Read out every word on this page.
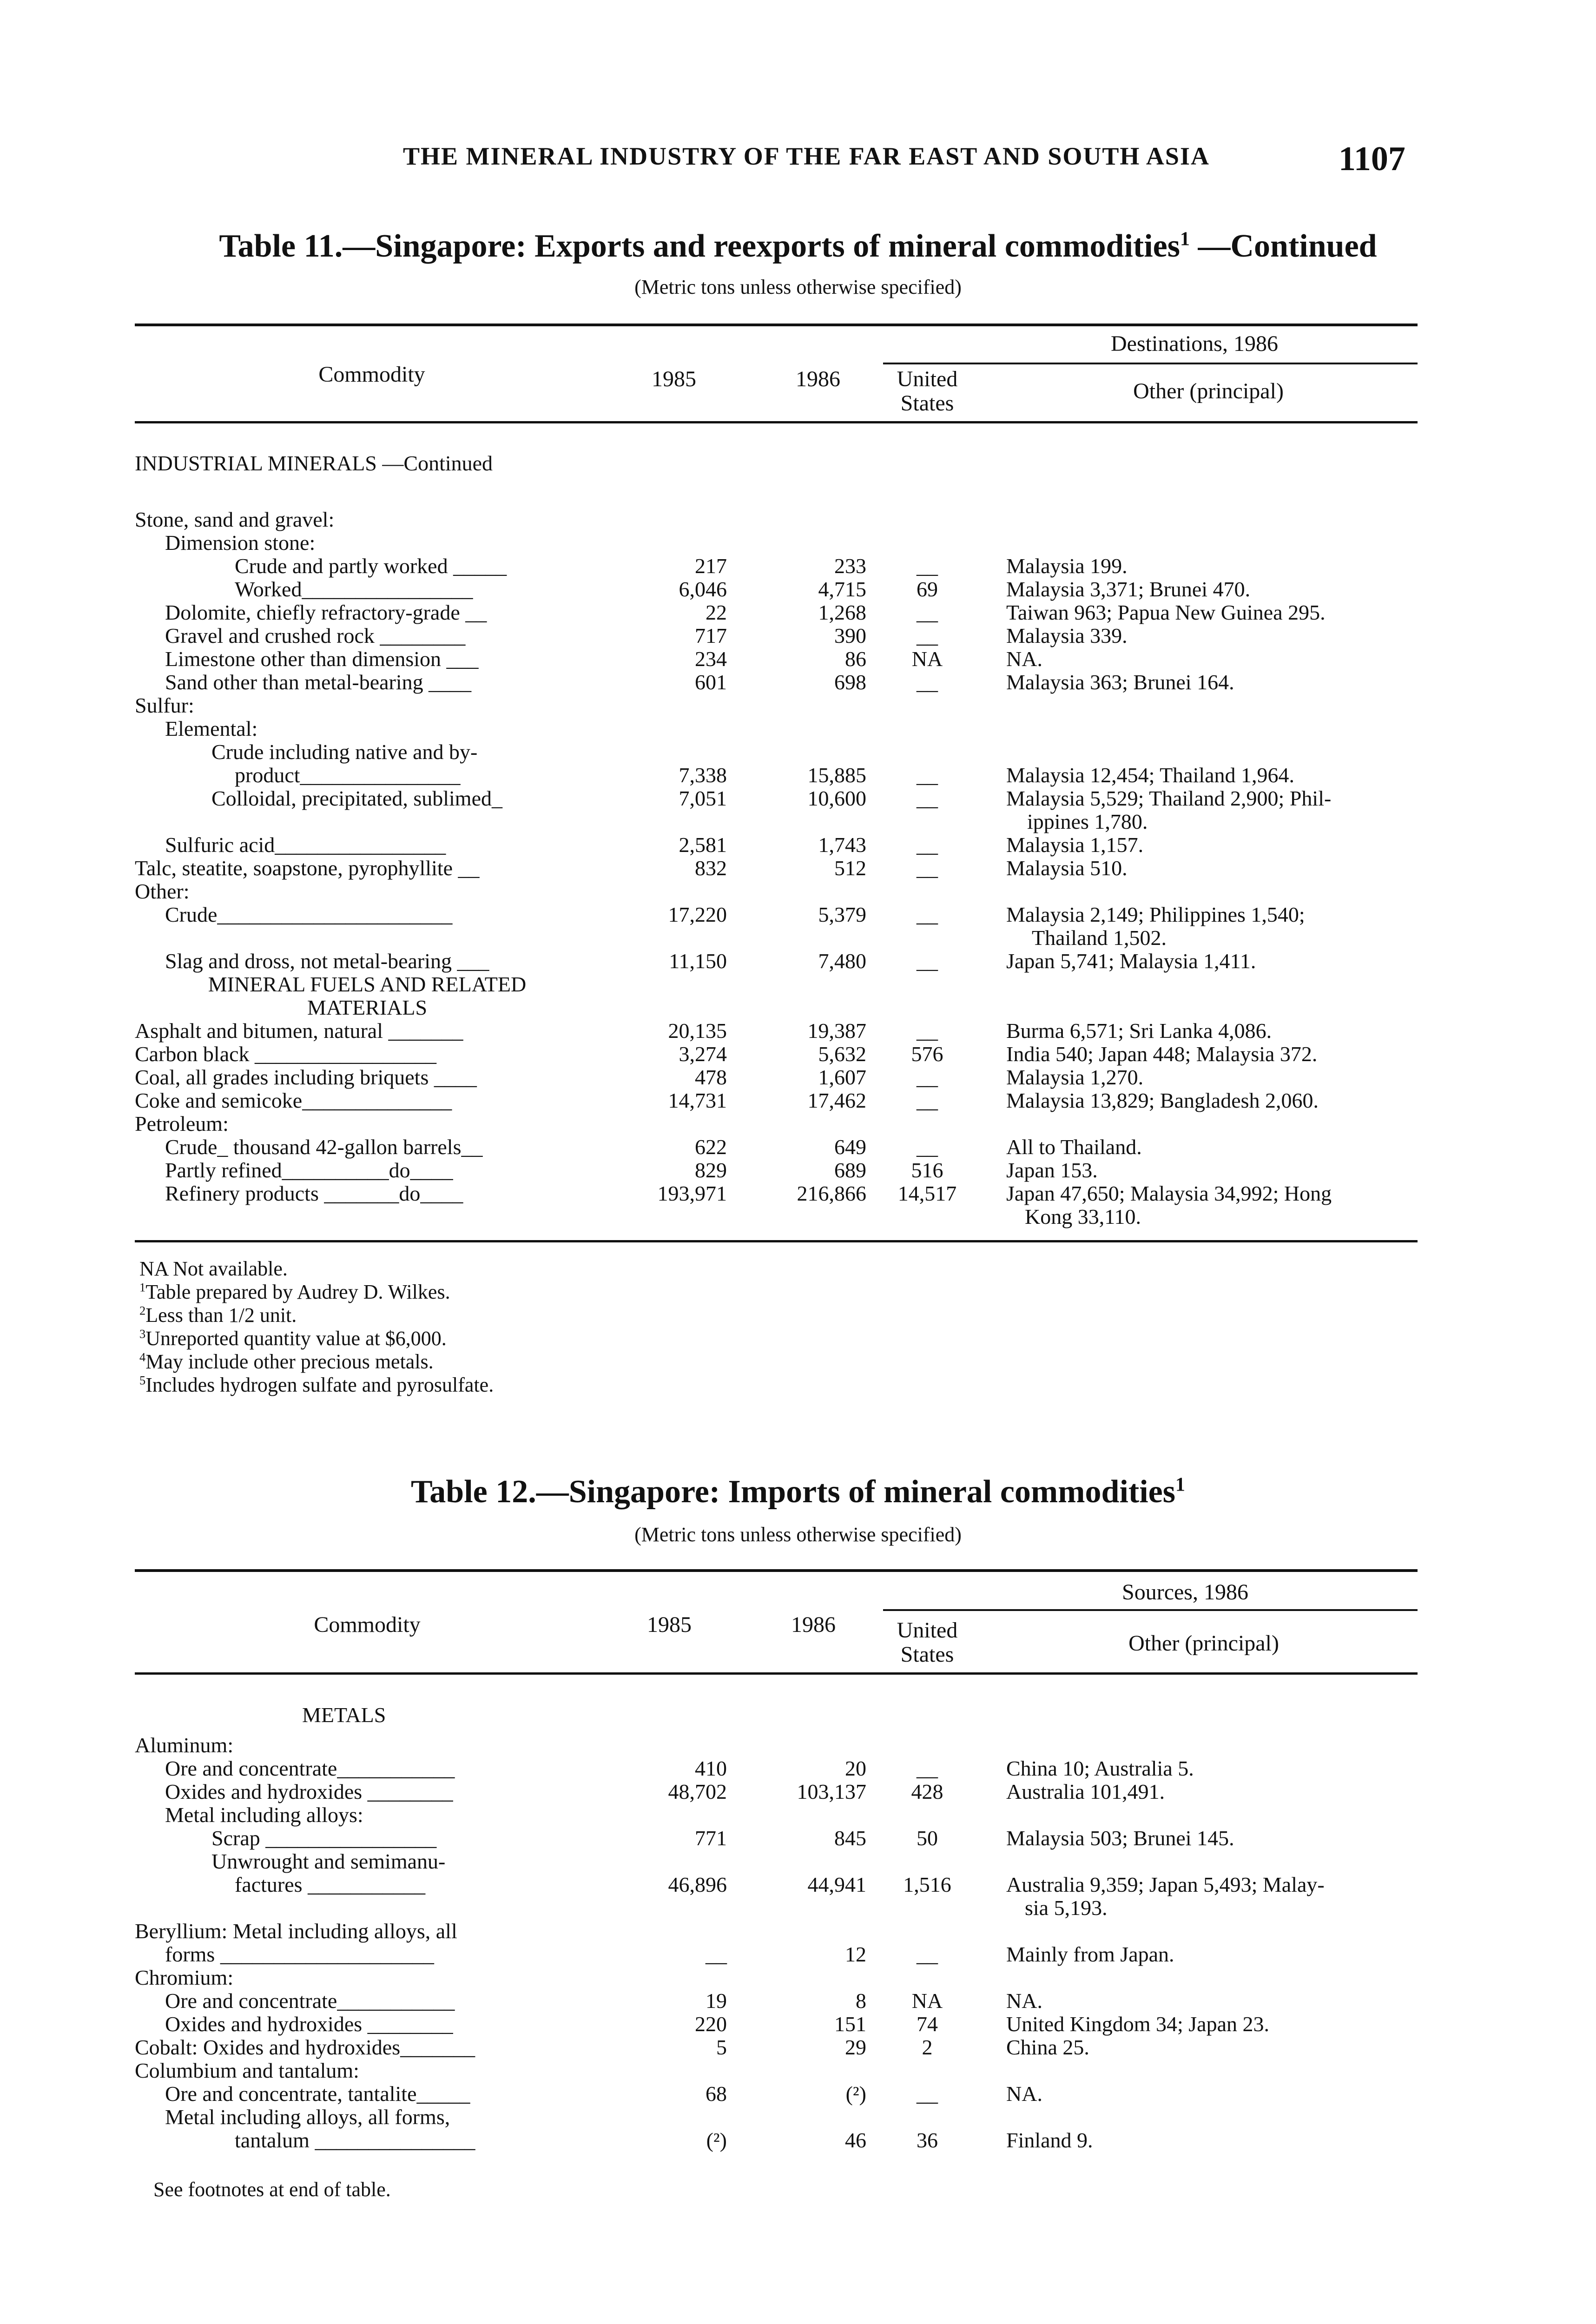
THE MINERAL INDUSTRY OF THE FAR EAST AND SOUTH ASIA	1107
Table 11.—Singapore: Exports and reexports of mineral commodities$^1$ —Continued
(Metric tons unless otherwise specified)
Destinations, 1986
Commodity	1985	1986	United States	Other (principal)
INDUSTRIAL MINERALS —Continued
Stone, sand and gravel:
Dimension stone:
Crude and partly worked _____	217	233	__	Malaysia 199.
Worked________________	6,046	4,715	69	Malaysia 3,371; Brunei 470.
Dolomite, chiefly refractory-grade __	22	1,268	__	Taiwan 963; Papua New Guinea 295.
Gravel and crushed rock ________	717	390	__	Malaysia 339.
Limestone other than dimension ___	234	86	NA	NA.
Sand other than metal-bearing ____	601	698	__	Malaysia 363; Brunei 164.
Sulfur:
Elemental:
Crude including native and by-
product_______________	7,338	15,885	__	Malaysia 12,454; Thailand 1,964.
Colloidal, precipitated, sublimed_	7,051	10,600	__	Malaysia 5,529; Thailand 2,900; Phil-
ippines 1,780.
Sulfuric acid________________	2,581	1,743	__	Malaysia 1,157.
Talc, steatite, soapstone, pyrophyllite __	832	512	__	Malaysia 510.
Other:
Crude______________________	17,220	5,379	__	Malaysia 2,149; Philippines 1,540;
Thailand 1,502.
Slag and dross, not metal-bearing ___	11,150	7,480	__	Japan 5,741; Malaysia 1,411.
MINERAL FUELS AND RELATED
MATERIALS
Asphalt and bitumen, natural _______	20,135	19,387	__	Burma 6,571; Sri Lanka 4,086.
Carbon black _________________	3,274	5,632	576	India 540; Japan 448; Malaysia 372.
Coal, all grades including briquets ____	478	1,607	__	Malaysia 1,270.
Coke and semicoke______________	14,731	17,462	__	Malaysia 13,829; Bangladesh 2,060.
Petroleum:
Crude_ thousand 42-gallon barrels__	622	649	__	All to Thailand.
Partly refined__________do____	829	689	516	Japan 153.
Refinery products _______do____	193,971	216,866	14,517	Japan 47,650; Malaysia 34,992; Hong
Kong 33,110.
NA Not available.
$^1$Table prepared by Audrey D. Wilkes.
$^2$Less than 1/2 unit.
$^3$Unreported quantity value at $6,000.
$^4$May include other precious metals.
$^5$Includes hydrogen sulfate and pyrosulfate.
Table 12.—Singapore: Imports of mineral commodities$^1$
(Metric tons unless otherwise specified)
Sources, 1986
Commodity	1985	1986	United States	Other (principal)
METALS
Aluminum:
Ore and concentrate___________	410	20	__	China 10; Australia 5.
Oxides and hydroxides ________	48,702	103,137	428	Australia 101,491.
Metal including alloys:
Scrap ________________	771	845	50	Malaysia 503; Brunei 145.
Unwrought and semimanu-
factures ___________	46,896	44,941	1,516	Australia 9,359; Japan 5,493; Malay-
sia 5,193.
Beryllium: Metal including alloys, all
forms ____________________	__	12	__	Mainly from Japan.
Chromium:
Ore and concentrate___________	19	8	NA	NA.
Oxides and hydroxides ________	220	151	74	United Kingdom 34; Japan 23.
Cobalt: Oxides and hydroxides_______	5	29	2	China 25.
Columbium and tantalum:
Ore and concentrate, tantalite_____	68	(²)	__	NA.
Metal including alloys, all forms,
tantalum _______________	(²)	46	36	Finland 9.
See footnotes at end of table.
